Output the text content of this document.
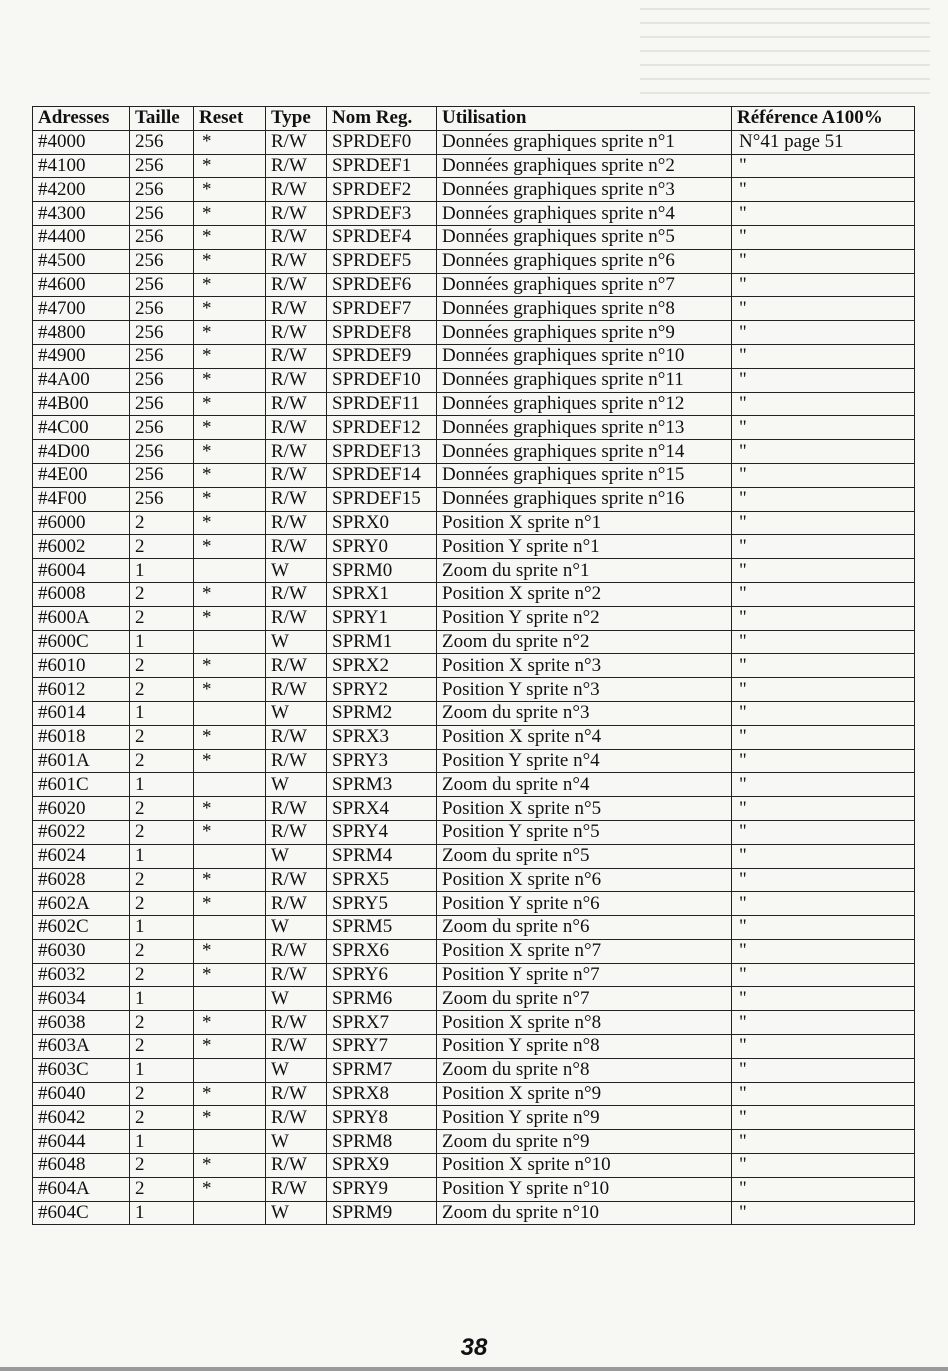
Adresses	Taille	Reset	Type	Nom Reg.	Utilisation	Référence A100%
#4000	256	*	R/W	SPRDEF0	Données graphiques sprite n°1	N°41 page 51
#4100	256	*	R/W	SPRDEF1	Données graphiques sprite n°2	"
#4200	256	*	R/W	SPRDEF2	Données graphiques sprite n°3	"
#4300	256	*	R/W	SPRDEF3	Données graphiques sprite n°4	"
#4400	256	*	R/W	SPRDEF4	Données graphiques sprite n°5	"
#4500	256	*	R/W	SPRDEF5	Données graphiques sprite n°6	"
#4600	256	*	R/W	SPRDEF6	Données graphiques sprite n°7	"
#4700	256	*	R/W	SPRDEF7	Données graphiques sprite n°8	"
#4800	256	*	R/W	SPRDEF8	Données graphiques sprite n°9	"
#4900	256	*	R/W	SPRDEF9	Données graphiques sprite n°10	"
#4A00	256	*	R/W	SPRDEF10	Données graphiques sprite n°11	"
#4B00	256	*	R/W	SPRDEF11	Données graphiques sprite n°12	"
#4C00	256	*	R/W	SPRDEF12	Données graphiques sprite n°13	"
#4D00	256	*	R/W	SPRDEF13	Données graphiques sprite n°14	"
#4E00	256	*	R/W	SPRDEF14	Données graphiques sprite n°15	"
#4F00	256	*	R/W	SPRDEF15	Données graphiques sprite n°16	"
#6000	2	*	R/W	SPRX0	Position X sprite n°1	"
#6002	2	*	R/W	SPRY0	Position Y sprite n°1	"
#6004	1		W	SPRM0	Zoom du sprite n°1	"
#6008	2	*	R/W	SPRX1	Position X sprite n°2	"
#600A	2	*	R/W	SPRY1	Position Y sprite n°2	"
#600C	1		W	SPRM1	Zoom du sprite n°2	"
#6010	2	*	R/W	SPRX2	Position X sprite n°3	"
#6012	2	*	R/W	SPRY2	Position Y sprite n°3	"
#6014	1		W	SPRM2	Zoom du sprite n°3	"
#6018	2	*	R/W	SPRX3	Position X sprite n°4	"
#601A	2	*	R/W	SPRY3	Position Y sprite n°4	"
#601C	1		W	SPRM3	Zoom du sprite n°4	"
#6020	2	*	R/W	SPRX4	Position X sprite n°5	"
#6022	2	*	R/W	SPRY4	Position Y sprite n°5	"
#6024	1		W	SPRM4	Zoom du sprite n°5	"
#6028	2	*	R/W	SPRX5	Position X sprite n°6	"
#602A	2	*	R/W	SPRY5	Position Y sprite n°6	"
#602C	1		W	SPRM5	Zoom du sprite n°6	"
#6030	2	*	R/W	SPRX6	Position X sprite n°7	"
#6032	2	*	R/W	SPRY6	Position Y sprite n°7	"
#6034	1		W	SPRM6	Zoom du sprite n°7	"
#6038	2	*	R/W	SPRX7	Position X sprite n°8	"
#603A	2	*	R/W	SPRY7	Position Y sprite n°8	"
#603C	1		W	SPRM7	Zoom du sprite n°8	"
#6040	2	*	R/W	SPRX8	Position X sprite n°9	"
#6042	2	*	R/W	SPRY8	Position Y sprite n°9	"
#6044	1		W	SPRM8	Zoom du sprite n°9	"
#6048	2	*	R/W	SPRX9	Position X sprite n°10	"
#604A	2	*	R/W	SPRY9	Position Y sprite n°10	"
#604C	1		W	SPRM9	Zoom du sprite n°10	"
38
